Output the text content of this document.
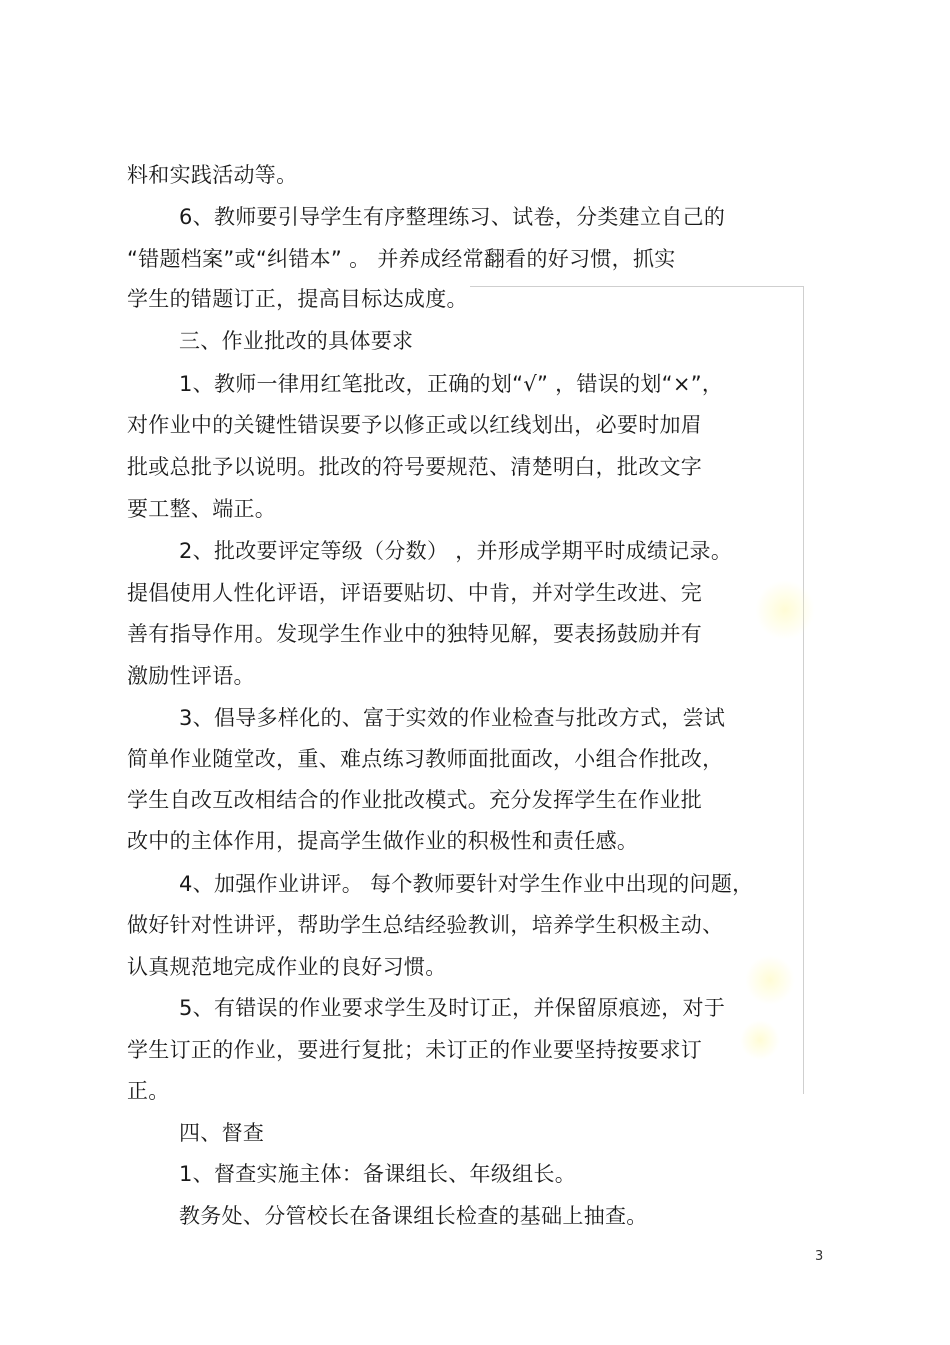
料和实践活动等。
6、教师要引导学生有序整理练习、试卷，分类建立自己的
“错题档案”或“纠错本” 。 并养成经常翻看的好习惯，抓实
学生的错题订正，提高目标达成度。
三、作业批改的具体要求
1、教师一律用红笔批改，正确的划“√” ，错误的划“×”，
对作业中的关键性错误要予以修正或以红线划出，必要时加眉
批或总批予以说明。批改的符号要规范、清楚明白，批改文字
要工整、端正。
2、批改要评定等级（分数） ，并形成学期平时成绩记录。
提倡使用人性化评语，评语要贴切、中肯，并对学生改进、完
善有指导作用。发现学生作业中的独特见解，要表扬鼓励并有
激励性评语。
3、倡导多样化的、富于实效的作业检查与批改方式，尝试
简单作业随堂改，重、难点练习教师面批面改，小组合作批改，
学生自改互改相结合的作业批改模式。充分发挥学生在作业批
改中的主体作用，提高学生做作业的积极性和责任感。
4、加强作业讲评。 每个教师要针对学生作业中出现的问题，
做好针对性讲评，帮助学生总结经验教训，培养学生积极主动、
认真规范地完成作业的良好习惯。
5、有错误的作业要求学生及时订正，并保留原痕迹，对于
学生订正的作业，要进行复批；未订正的作业要坚持按要求订
正。
四、督查
1、督查实施主体：备课组长、年级组长。
教务处、分管校长在备课组长检查的基础上抽查。
3
